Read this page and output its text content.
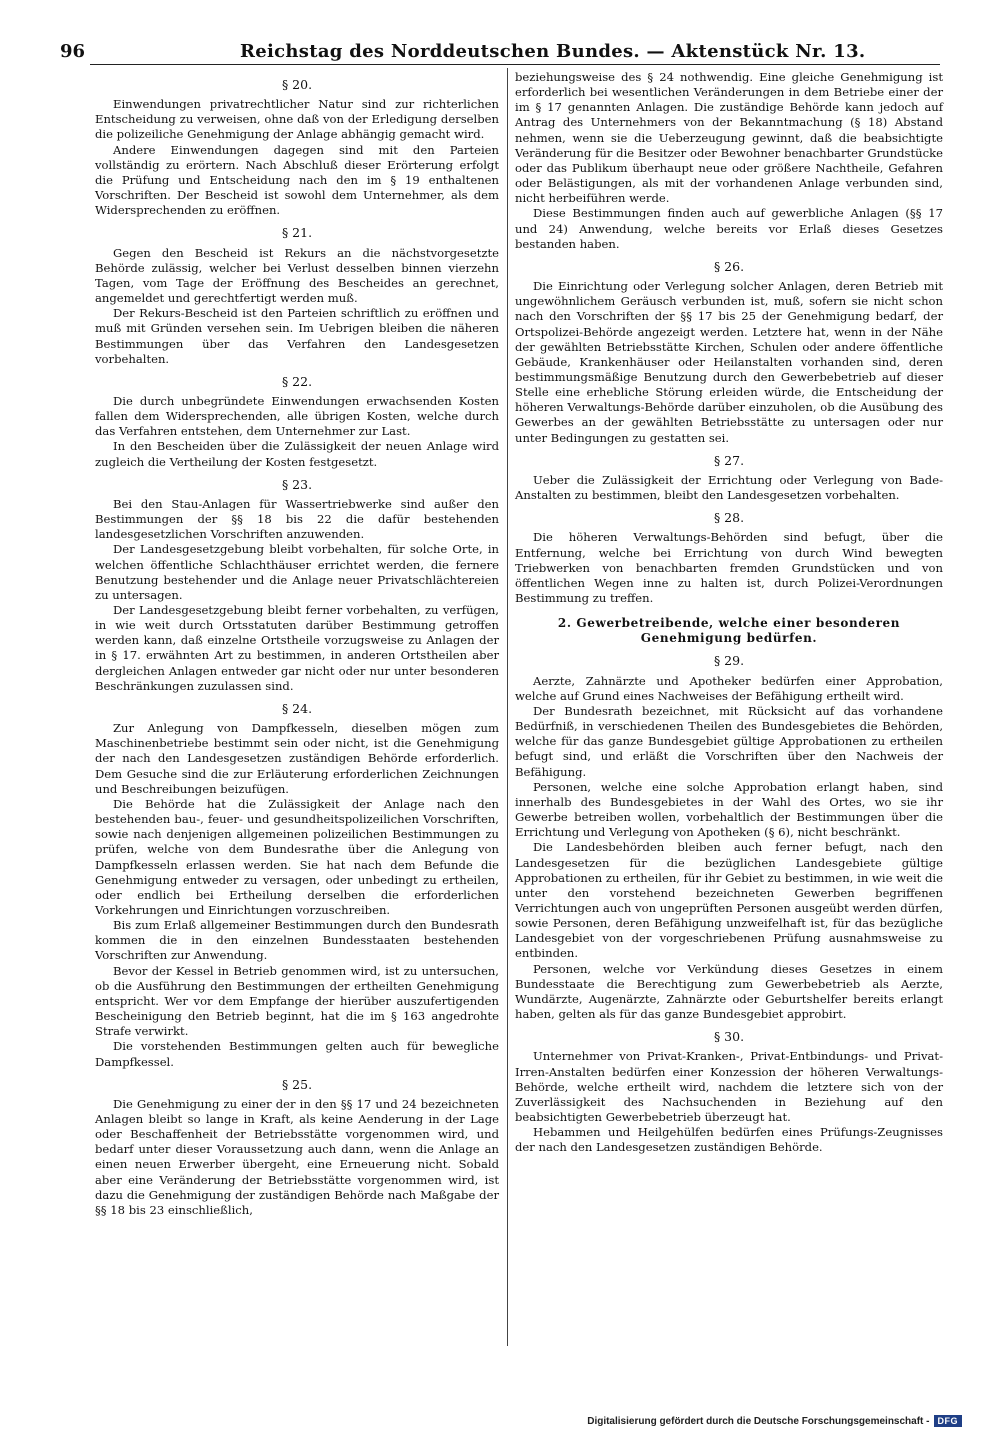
96	Reichstag des Norddeutschen Bundes. — Aktenstück Nr. 13.
§ 20.

Einwendungen privatrechtlicher Natur sind zur richterlichen Entscheidung zu verweisen, ohne daß von der Erledigung derselben die polizeiliche Genehmigung der Anlage abhängig gemacht wird.

Andere Einwendungen dagegen sind mit den Parteien vollständig zu erörtern. Nach Abschluß dieser Erörterung erfolgt die Prüfung und Entscheidung nach den im § 19 enthaltenen Vorschriften. Der Bescheid ist sowohl dem Unternehmer, als dem Widersprechenden zu eröffnen.

§ 21.

Gegen den Bescheid ist Rekurs an die nächstvorgesetzte Behörde zulässig, welcher bei Verlust desselben binnen vierzehn Tagen, vom Tage der Eröffnung des Bescheides an gerechnet, angemeldet und gerechtfertigt werden muß.

Der Rekurs-Bescheid ist den Parteien schriftlich zu eröffnen und muß mit Gründen versehen sein. Im Uebrigen bleiben die näheren Bestimmungen über das Verfahren den Landesgesetzen vorbehalten.

§ 22.

Die durch unbegründete Einwendungen erwachsenden Kosten fallen dem Widersprechenden, alle übrigen Kosten, welche durch das Verfahren entstehen, dem Unternehmer zur Last.

In den Bescheiden über die Zulässigkeit der neuen Anlage wird zugleich die Vertheilung der Kosten festgesetzt.

§ 23.

Bei den Stau-Anlagen für Wassertriebwerke sind außer den Bestimmungen der §§ 18 bis 22 die dafür bestehenden landesgesetzlichen Vorschriften anzuwenden.

Der Landesgesetzgebung bleibt vorbehalten, für solche Orte, in welchen öffentliche Schlachthäuser errichtet werden, die fernere Benutzung bestehender und die Anlage neuer Privatschlächtereien zu untersagen.

Der Landesgesetzgebung bleibt ferner vorbehalten, zu verfügen, in wie weit durch Ortsstatuten darüber Bestimmung getroffen werden kann, daß einzelne Ortstheile vorzugsweise zu Anlagen der in § 17. erwähnten Art zu bestimmen, in anderen Ortstheilen aber dergleichen Anlagen entweder gar nicht oder nur unter besonderen Beschränkungen zuzulassen sind.

§ 24.

Zur Anlegung von Dampfkesseln, dieselben mögen zum Maschinenbetriebe bestimmt sein oder nicht, ist die Genehmigung der nach den Landesgesetzen zuständigen Behörde erforderlich. Dem Gesuche sind die zur Erläuterung erforderlichen Zeichnungen und Beschreibungen beizufügen.

Die Behörde hat die Zulässigkeit der Anlage nach den bestehenden bau-, feuer- und gesundheitspolizeilichen Vorschriften, sowie nach denjenigen allgemeinen polizeilichen Bestimmungen zu prüfen, welche von dem Bundesrathe über die Anlegung von Dampfkesseln erlassen werden. Sie hat nach dem Befunde die Genehmigung entweder zu versagen, oder unbedingt zu ertheilen, oder endlich bei Ertheilung derselben die erforderlichen Vorkehrungen und Einrichtungen vorzuschreiben.

Bis zum Erlaß allgemeiner Bestimmungen durch den Bundesrath kommen die in den einzelnen Bundesstaaten bestehenden Vorschriften zur Anwendung.

Bevor der Kessel in Betrieb genommen wird, ist zu untersuchen, ob die Ausführung den Bestimmungen der ertheilten Genehmigung entspricht. Wer vor dem Empfange der hierüber auszufertigenden Bescheinigung den Betrieb beginnt, hat die im § 163 angedrohte Strafe verwirkt.

Die vorstehenden Bestimmungen gelten auch für bewegliche Dampfkessel.

§ 25.

Die Genehmigung zu einer der in den §§ 17 und 24 bezeichneten Anlagen bleibt so lange in Kraft, als keine Aenderung in der Lage oder Beschaffenheit der Betriebsstätte vorgenommen wird, und bedarf unter dieser Voraussetzung auch dann, wenn die Anlage an einen neuen Erwerber übergeht, eine Erneuerung nicht. Sobald aber eine Veränderung der Betriebsstätte vorgenommen wird, ist dazu die Genehmigung der zuständigen Behörde nach Maßgabe der §§ 18 bis 23 einschließlich,

beziehungsweise des § 24 nothwendig. Eine gleiche Genehmigung ist erforderlich bei wesentlichen Veränderungen in dem Betriebe einer der im § 17 genannten Anlagen. Die zuständige Behörde kann jedoch auf Antrag des Unternehmers von der Bekanntmachung (§ 18) Abstand nehmen, wenn sie die Ueberzeugung gewinnt, daß die beabsichtigte Veränderung für die Besitzer oder Bewohner benachbarter Grundstücke oder das Publikum überhaupt neue oder größere Nachtheile, Gefahren oder Belästigungen, als mit der vorhandenen Anlage verbunden sind, nicht herbeiführen werde.

Diese Bestimmungen finden auch auf gewerbliche Anlagen (§§ 17 und 24) Anwendung, welche bereits vor Erlaß dieses Gesetzes bestanden haben.

§ 26.

Die Einrichtung oder Verlegung solcher Anlagen, deren Betrieb mit ungewöhnlichem Geräusch verbunden ist, muß, sofern sie nicht schon nach den Vorschriften der §§ 17 bis 25 der Genehmigung bedarf, der Ortspolizei-Behörde angezeigt werden. Letztere hat, wenn in der Nähe der gewählten Betriebsstätte Kirchen, Schulen oder andere öffentliche Gebäude, Krankenhäuser oder Heilanstalten vorhanden sind, deren bestimmungsmäßige Benutzung durch den Gewerbebetrieb auf dieser Stelle eine erhebliche Störung erleiden würde, die Entscheidung der höheren Verwaltungs-Behörde darüber einzuholen, ob die Ausübung des Gewerbes an der gewählten Betriebsstätte zu untersagen oder nur unter Bedingungen zu gestatten sei.

§ 27.

Ueber die Zulässigkeit der Errichtung oder Verlegung von Bade-Anstalten zu bestimmen, bleibt den Landesgesetzen vorbehalten.

§ 28.

Die höheren Verwaltungs-Behörden sind befugt, über die Entfernung, welche bei Errichtung von durch Wind bewegten Triebwerken von benachbarten fremden Grundstücken und von öffentlichen Wegen inne zu halten ist, durch Polizei-Verordnungen Bestimmung zu treffen.

2. Gewerbetreibende, welche einer besonderen Genehmigung bedürfen.
§ 29.

Aerzte, Zahnärzte und Apotheker bedürfen einer Approbation, welche auf Grund eines Nachweises der Befähigung ertheilt wird.

Der Bundesrath bezeichnet, mit Rücksicht auf das vorhandene Bedürfniß, in verschiedenen Theilen des Bundesgebietes die Behörden, welche für das ganze Bundesgebiet gültige Approbationen zu ertheilen befugt sind, und erläßt die Vorschriften über den Nachweis der Befähigung.

Personen, welche eine solche Approbation erlangt haben, sind innerhalb des Bundesgebietes in der Wahl des Ortes, wo sie ihr Gewerbe betreiben wollen, vorbehaltlich der Bestimmungen über die Errichtung und Verlegung von Apotheken (§ 6), nicht beschränkt.

Die Landesbehörden bleiben auch ferner befugt, nach den Landesgesetzen für die bezüglichen Landesgebiete gültige Approbationen zu ertheilen, für ihr Gebiet zu bestimmen, in wie weit die unter den vorstehend bezeichneten Gewerben begriffenen Verrichtungen auch von ungeprüften Personen ausgeübt werden dürfen, sowie Personen, deren Befähigung unzweifelhaft ist, für das bezügliche Landesgebiet von der vorgeschriebenen Prüfung ausnahmsweise zu entbinden.

Personen, welche vor Verkündung dieses Gesetzes in einem Bundesstaate die Berechtigung zum Gewerbebetrieb als Aerzte, Wundärzte, Augenärzte, Zahnärzte oder Geburtshelfer bereits erlangt haben, gelten als für das ganze Bundesgebiet approbirt.

§ 30.

Unternehmer von Privat-Kranken-, Privat-Entbindungs- und Privat-Irren-Anstalten bedürfen einer Konzession der höheren Verwaltungs-Behörde, welche ertheilt wird, nachdem die letztere sich von der Zuverlässigkeit des Nachsuchenden in Beziehung auf den beabsichtigten Gewerbebetrieb überzeugt hat.

Hebammen und Heilgehülfen bedürfen eines Prüfungs-Zeugnisses der nach den Landesgesetzen zuständigen Behörde.

Digitalisierung gefördert durch die Deutsche Forschungsgemeinschaft - DFG
